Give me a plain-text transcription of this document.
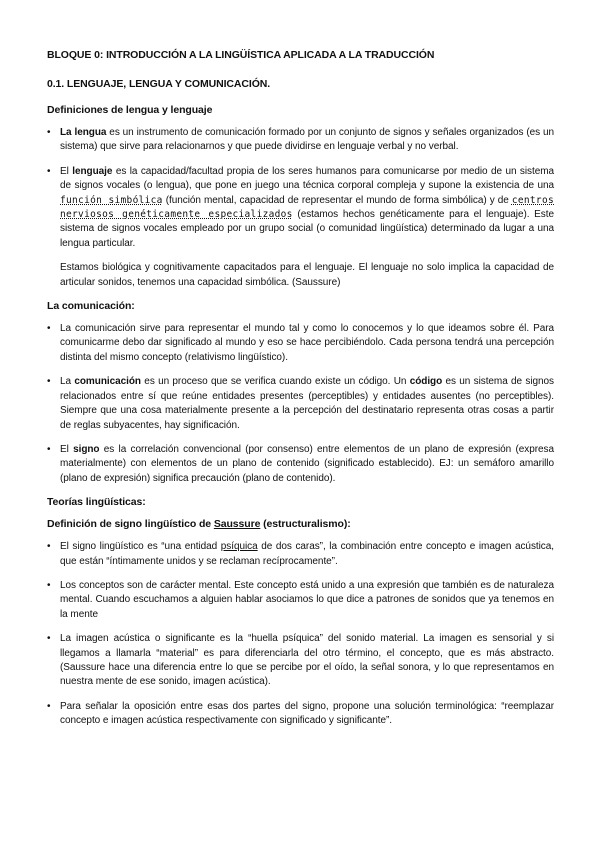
BLOQUE 0: INTRODUCCIÓN A LA LINGÜÍSTICA APLICADA A LA TRADUCCIÓN
0.1. LENGUAJE, LENGUA Y COMUNICACIÓN.
Definiciones de lengua y lenguaje
• La lengua es un instrumento de comunicación formado por un conjunto de signos y señales organizados (es un sistema) que sirve para relacionarnos y que puede dividirse en lenguaje verbal y no verbal.
• El lenguaje es la capacidad/facultad propia de los seres humanos para comunicarse por medio de un sistema de signos vocales (o lengua), que pone en juego una técnica corporal compleja y supone la existencia de una función simbólica (función mental, capacidad de representar el mundo de forma simbólica) y de centros nerviosos genéticamente especializados (estamos hechos genéticamente para el lenguaje). Este sistema de signos vocales empleado por un grupo social (o comunidad lingüística) determinado da lugar a una lengua particular.
Estamos biológica y cognitivamente capacitados para el lenguaje. El lenguaje no solo implica la capacidad de articular sonidos, tenemos una capacidad simbólica. (Saussure)
La comunicación:
• La comunicación sirve para representar el mundo tal y como lo conocemos y lo que ideamos sobre él. Para comunicarme debo dar significado al mundo y eso se hace percibiéndolo. Cada persona tendrá una percepción distinta del mismo concepto (relativismo lingüístico).
• La comunicación es un proceso que se verifica cuando existe un código. Un código es un sistema de signos relacionados entre sí que reúne entidades presentes (perceptibles) y entidades ausentes (no perceptibles). Siempre que una cosa materialmente presente a la percepción del destinatario representa otras cosas a partir de reglas subyacentes, hay significación.
• El signo es la correlación convencional (por consenso) entre elementos de un plano de expresión (expresa materialmente) con elementos de un plano de contenido (significado establecido). EJ: un semáforo amarillo (plano de expresión) significa precaución (plano de contenido).
Teorías lingüísticas:
Definición de signo lingüístico de Saussure (estructuralismo):
• El signo lingüístico es “una entidad psíquica de dos caras”, la combinación entre concepto e imagen acústica, que están “íntimamente unidos y se reclaman recíprocamente”.
• Los conceptos son de carácter mental. Este concepto está unido a una expresión que también es de naturaleza mental. Cuando escuchamos a alguien hablar asociamos lo que dice a patrones de sonidos que ya tenemos en la mente
• La imagen acústica o significante es la “huella psíquica” del sonido material. La imagen es sensorial y si llegamos a llamarla “material” es para diferenciarla del otro término, el concepto, que es más abstracto. (Saussure hace una diferencia entre lo que se percibe por el oído, la señal sonora, y lo que representamos en nuestra mente de ese sonido, imagen acústica).
• Para señalar la oposición entre esas dos partes del signo, propone una solución terminológica: “reemplazar concepto e imagen acústica respectivamente con significado y significante”.
